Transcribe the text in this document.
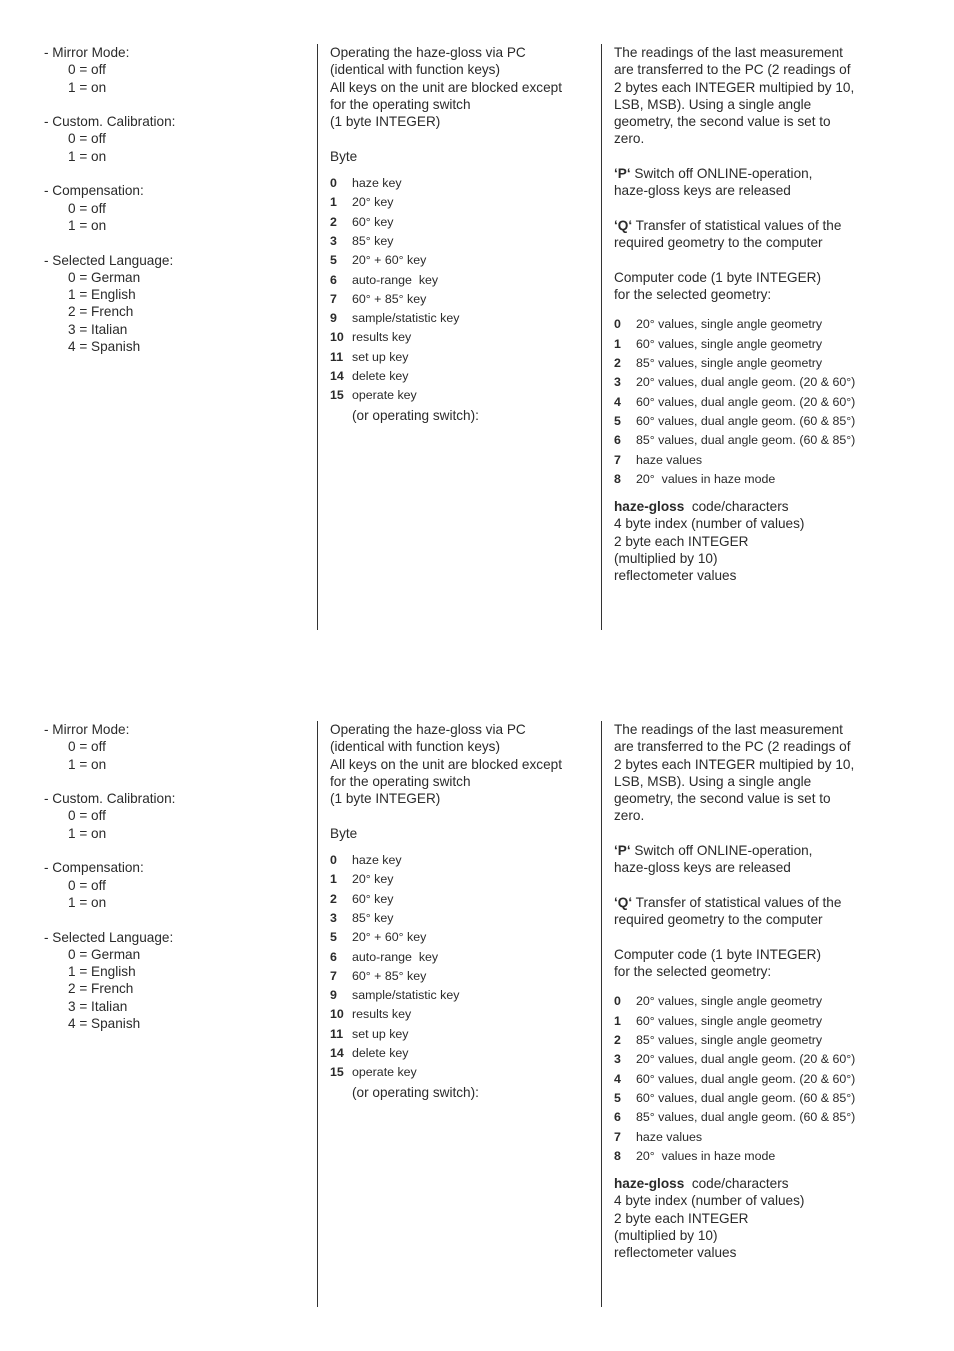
- Mirror Mode:
0 = off
1 = on
- Custom. Calibration:
0 = off
1 = on
- Compensation:
0 = off
1 = on
- Selected Language:
0 = German
1 = English
2 = French
3 = Italian
4 = Spanish
Operating the haze-gloss via PC
(identical with function keys)
All keys on the unit are blocked except
for the operating switch
(1 byte INTEGER)
Byte
0	haze key
1	20° key
2	60° key
3	85° key
5	20° + 60° key
6	auto-range  key
7	60° + 85° key
9	sample/statistic key
10 results key
11 set up key
14 delete key
15 operate key
(or operating switch):
The readings of the last measurement
are transferred to the PC (2 readings of
2 bytes each INTEGER multipied by 10,
LSB, MSB). Using a single angle
geometry, the second value is set to
zero.
‘P‘ Switch off ONLINE-operation,
haze-gloss keys are released
‘Q‘ Transfer of statistical values of the
required geometry to the computer
Computer code (1 byte INTEGER)
for the selected geometry:
0	20° values, single angle geometry
1	60° values, single angle geometry
2	85° values, single angle geometry
3	20° values, dual angle geom. (20 & 60°)
4	60° values, dual angle geom. (20 & 60°)
5	60° values, dual angle geom. (60 & 85°)
6	85° values, dual angle geom. (60 & 85°)
7	haze values
8	20°  values in haze mode
haze-gloss  code/characters
4 byte index (number of values)
2 byte each INTEGER
(multiplied by 10)
reflectometer values
- Mirror Mode:
0 = off
1 = on
- Custom. Calibration:
0 = off
1 = on
- Compensation:
0 = off
1 = on
- Selected Language:
0 = German
1 = English
2 = French
3 = Italian
4 = Spanish
Operating the haze-gloss via PC
(identical with function keys)
All keys on the unit are blocked except
for the operating switch
(1 byte INTEGER)
Byte
0	haze key
1	20° key
2	60° key
3	85° key
5	20° + 60° key
6	auto-range  key
7	60° + 85° key
9	sample/statistic key
10 results key
11 set up key
14 delete key
15 operate key
(or operating switch):
The readings of the last measurement
are transferred to the PC (2 readings of
2 bytes each INTEGER multipied by 10,
LSB, MSB). Using a single angle
geometry, the second value is set to
zero.
‘P‘ Switch off ONLINE-operation,
haze-gloss keys are released
‘Q‘ Transfer of statistical values of the
required geometry to the computer
Computer code (1 byte INTEGER)
for the selected geometry:
0	20° values, single angle geometry
1	60° values, single angle geometry
2	85° values, single angle geometry
3	20° values, dual angle geom. (20 & 60°)
4	60° values, dual angle geom. (20 & 60°)
5	60° values, dual angle geom. (60 & 85°)
6	85° values, dual angle geom. (60 & 85°)
7	haze values
8	20°  values in haze mode
haze-gloss  code/characters
4 byte index (number of values)
2 byte each INTEGER
(multiplied by 10)
reflectometer values
